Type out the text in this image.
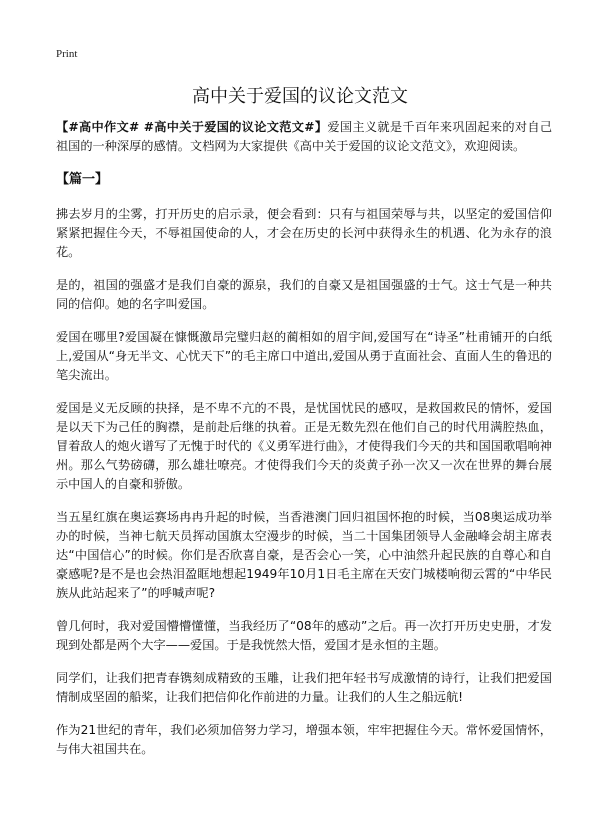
Print
高中关于爱国的议论文范文

【#高中作文# #高中关于爱国的议论文范文#】爱国主义就是千百年来巩固起来的对自己祖国的一种深厚的感情。文档网为大家提供《高中关于爱国的议论文范文》，欢迎阅读。

【篇一】

拂去岁月的尘雾，打开历史的启示录，便会看到：只有与祖国荣辱与共，以坚定的爱国信仰紧紧把握住今天，不辱祖国使命的人，才会在历史的长河中获得永生的机遇、化为永存的浪花。

是的，祖国的强盛才是我们自豪的源泉，我们的自豪又是祖国强盛的士气。这士气是一种共同的信仰。她的名字叫爱国。

爱国在哪里?爱国凝在慷慨激昂完璧归赵的蔺相如的眉宇间,爱国写在“诗圣”杜甫铺开的白纸上,爱国从“身无半文、心忧天下”的毛主席口中道出,爱国从勇于直面社会、直面人生的鲁迅的笔尖流出。

爱国是义无反顾的抉择，是不卑不亢的不畏，是忧国忧民的感叹，是救国救民的情怀，爱国是以天下为己任的胸襟，是前赴后继的执着。正是无数先烈在他们自己的时代用满腔热血，冒着敌人的炮火谱写了无愧于时代的《义勇军进行曲》，才使得我们今天的共和国国歌唱响神州。那么气势磅礴，那么雄壮嘹亮。才使得我们今天的炎黄子孙一次又一次在世界的舞台展示中国人的自豪和骄傲。

当五星红旗在奥运赛场冉冉升起的时候，当香港澳门回归祖国怀抱的时候，当08奥运成功举办的时候，当神七航天员挥动国旗太空漫步的时候，当二十国集团领导人金融峰会胡主席表达“中国信心”的时候。你们是否欣喜自豪，是否会心一笑，心中油然升起民族的自尊心和自豪感呢?是不是也会热泪盈眶地想起1949年10月1日毛主席在天安门城楼响彻云霄的“中华民族从此站起来了”的呼喊声呢?

曾几何时，我对爱国懵懵懂懂，当我经历了“08年的感动”之后。再一次打开历史史册，才发现到处都是两个大字——爱国。于是我恍然大悟，爱国才是永恒的主题。

同学们，让我们把青春镌刻成精致的玉雕，让我们把年轻书写成激情的诗行，让我们把爱国情制成坚固的船桨，让我们把信仰化作前进的力量。让我们的人生之船远航!

作为21世纪的青年，我们必须加倍努力学习，增强本领，牢牢把握住今天。常怀爱国情怀，与伟大祖国共在。
